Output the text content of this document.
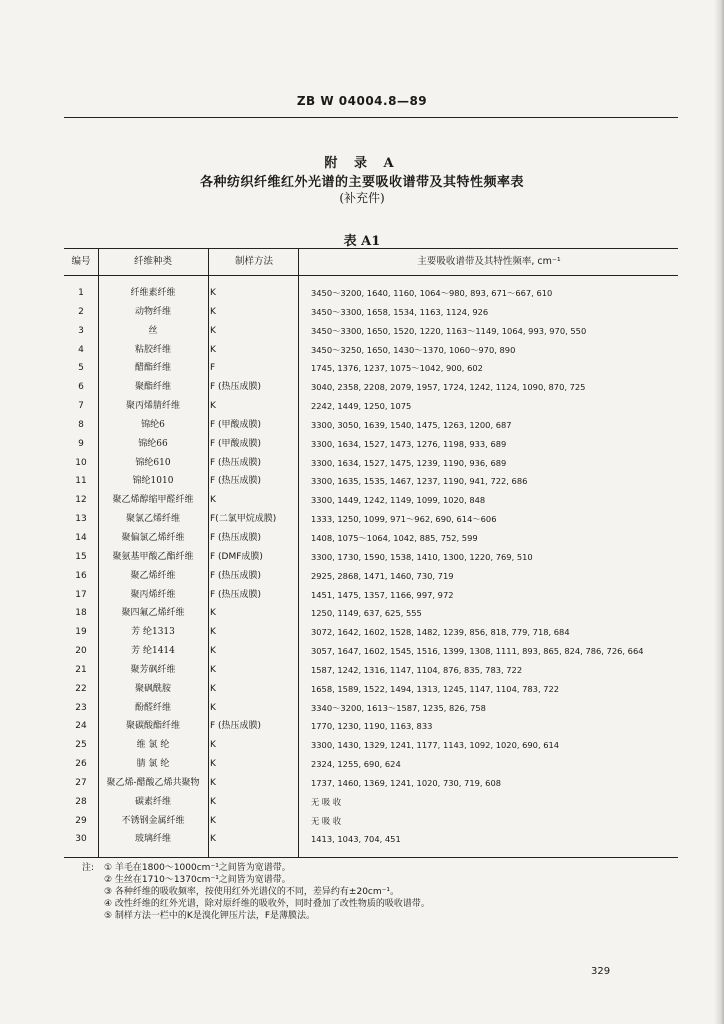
ZB W 04004.8—89
附 录 A
各种纺织纤维红外光谱的主要吸收谱带及其特性频率表
(补充件)
表 A1
编号	纤维种类	制样方法	主要吸收谱带及其特性频率, cm⁻¹
1	纤维素纤维	K	3450～3200, 1640, 1160, 1064～980, 893, 671～667, 610
2	动物纤维	K	3450～3300, 1658, 1534, 1163, 1124, 926
3	丝	K	3450～3300, 1650, 1520, 1220, 1163～1149, 1064, 993, 970, 550
4	粘胶纤维	K	3450～3250, 1650, 1430～1370, 1060～970, 890
5	醋酯纤维	F	1745, 1376, 1237, 1075～1042, 900, 602
6	聚酯纤维	F (热压成膜)	3040, 2358, 2208, 2079, 1957, 1724, 1242, 1124, 1090, 870, 725
7	聚丙烯腈纤维	K	2242, 1449, 1250, 1075
8	锦纶6	F (甲酸成膜)	3300, 3050, 1639, 1540, 1475, 1263, 1200, 687
9	锦纶66	F (甲酸成膜)	3300, 1634, 1527, 1473, 1276, 1198, 933, 689
10	锦纶610	F (热压成膜)	3300, 1634, 1527, 1475, 1239, 1190, 936, 689
11	锦纶1010	F (热压成膜)	3300, 1635, 1535, 1467, 1237, 1190, 941, 722, 686
12	聚乙烯醇缩甲醛纤维	K	3300, 1449, 1242, 1149, 1099, 1020, 848
13	聚氯乙烯纤维	F(二氯甲烷成膜)	1333, 1250, 1099, 971～962, 690, 614～606
14	聚偏氯乙烯纤维	F (热压成膜)	1408, 1075～1064, 1042, 885, 752, 599
15	聚氨基甲酸乙酯纤维	F (DMF成膜)	3300, 1730, 1590, 1538, 1410, 1300, 1220, 769, 510
16	聚乙烯纤维	F (热压成膜)	2925, 2868, 1471, 1460, 730, 719
17	聚丙烯纤维	F (热压成膜)	1451, 1475, 1357, 1166, 997, 972
18	聚四氟乙烯纤维	K	1250, 1149, 637, 625, 555
19	芳 纶1313	K	3072, 1642, 1602, 1528, 1482, 1239, 856, 818, 779, 718, 684
20	芳 纶1414	K	3057, 1647, 1602, 1545, 1516, 1399, 1308, 1111, 893, 865, 824, 786, 726, 664
21	聚芳砜纤维	K	1587, 1242, 1316, 1147, 1104, 876, 835, 783, 722
22	聚砜酰胺	K	1658, 1589, 1522, 1494, 1313, 1245, 1147, 1104, 783, 722
23	酚醛纤维	K	3340～3200, 1613～1587, 1235, 826, 758
24	聚碳酸酯纤维	F (热压成膜)	1770, 1230, 1190, 1163, 833
25	维 氯 纶	K	3300, 1430, 1329, 1241, 1177, 1143, 1092, 1020, 690, 614
26	腈 氯 纶	K	2324, 1255, 690, 624
27	聚乙烯-醋酸乙烯共聚物	K	1737, 1460, 1369, 1241, 1020, 730, 719, 608
28	碳素纤维	K	无 吸 收
29	不锈钢金属纤维	K	无 吸 收
30	玻璃纤维	K	1413, 1043, 704, 451
注: ① 羊毛在1800～1000cm⁻¹之间皆为宽谱带。
② 生丝在1710～1370cm⁻¹之间皆为宽谱带。
③ 各种纤维的吸收频率，按使用红外光谱仪的不同，差异约有±20cm⁻¹。
④ 改性纤维的红外光谱，除对原纤维的吸收外，同时叠加了改性物质的吸收谱带。
⑤ 制样方法一栏中的K是溴化钾压片法，F是薄膜法。
329
